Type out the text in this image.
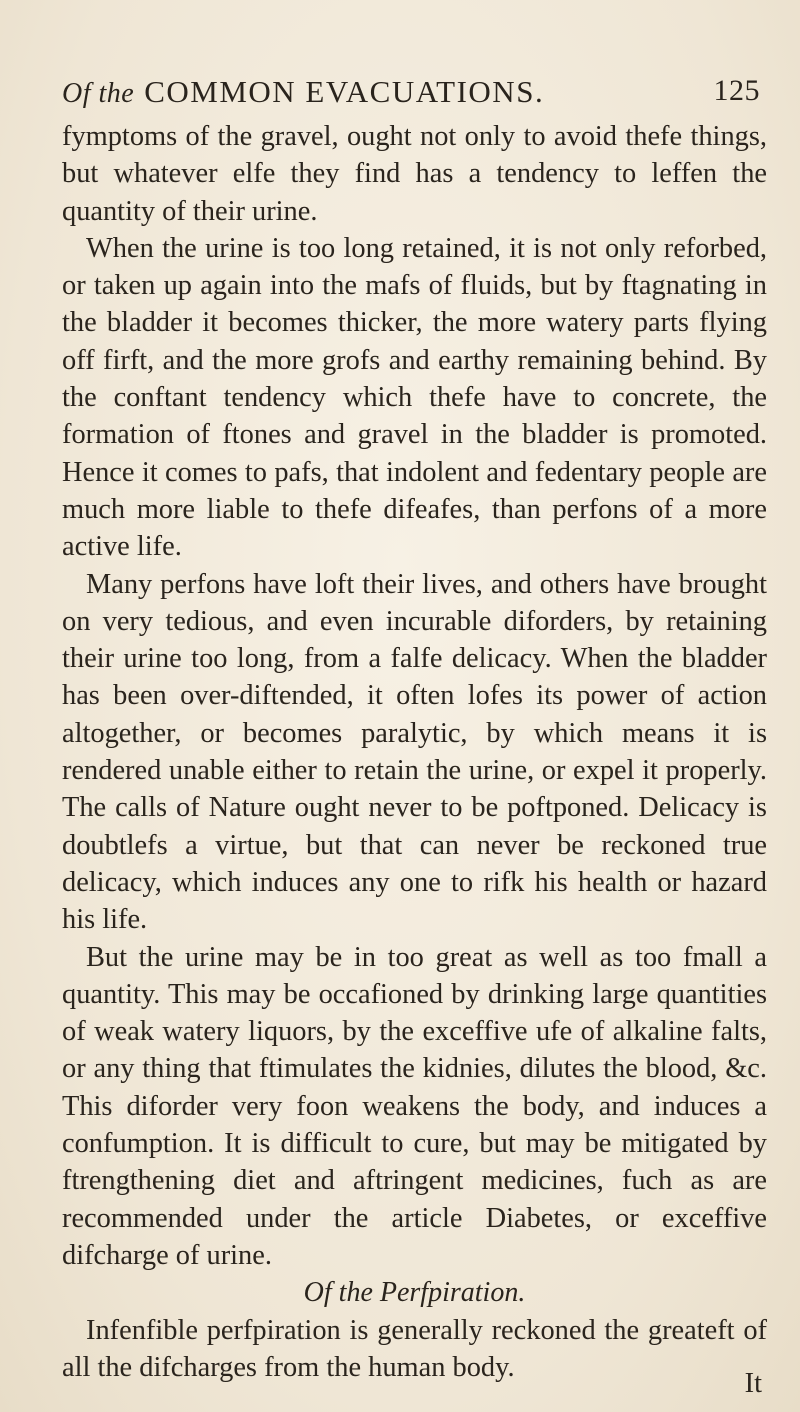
Of the COMMON EVACUATIONS.	125

fymptoms of the gravel, ought not only to avoid thefe things, but whatever elfe they find has a tendency to leffen the quantity of their urine.

When the urine is too long retained, it is not only reforbed, or taken up again into the mafs of fluids, but by ftagnating in the bladder it becomes thicker, the more watery parts flying off firft, and the more grofs and earthy remaining behind. By the conftant tendency which thefe have to concrete, the formation of ftones and gravel in the bladder is promoted. Hence it comes to pafs, that indolent and fedentary people are much more liable to thefe difeafes, than perfons of a more active life.

Many perfons have loft their lives, and others have brought on very tedious, and even incurable diforders, by retaining their urine too long, from a falfe delicacy. When the bladder has been over-diftended, it often lofes its power of action altogether, or becomes paralytic, by which means it is rendered unable either to retain the urine, or expel it properly. The calls of Nature ought never to be poftponed. Delicacy is doubtlefs a virtue, but that can never be reckoned true delicacy, which induces any one to rifk his health or hazard his life.

But the urine may be in too great as well as too fmall a quantity. This may be occafioned by drinking large quantities of weak watery liquors, by the exceffive ufe of alkaline falts, or any thing that ftimulates the kidnies, dilutes the blood, &c. This diforder very foon weakens the body, and induces a confumption. It is difficult to cure, but may be mitigated by ftrengthening diet and aftringent medicines, fuch as are recommended under the article Diabetes, or exceffive difcharge of urine.

Of the Perfpiration.

Infenfible perfpiration is generally reckoned the greateft of all the difcharges from the human body.

It
